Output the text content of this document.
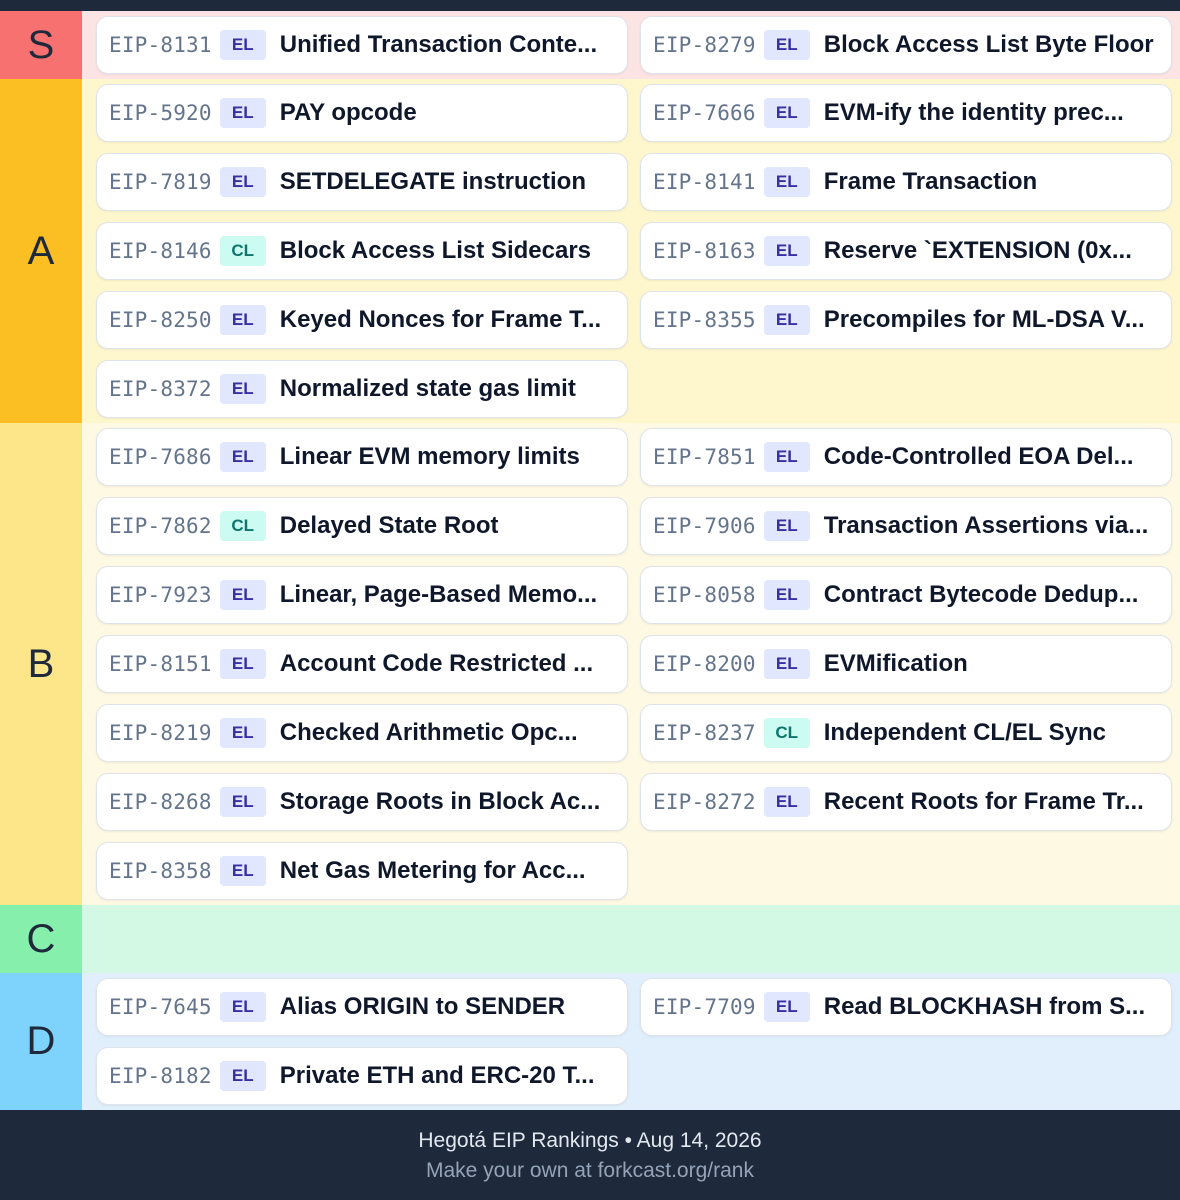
S	EIP-8131	EL	Unified Transaction Conte...	EIP-8279	EL	Block Access List Byte Floor
A
EIP-5920	EL	PAY opcode	EIP-7666	EL	EVM-ify the identity prec...
EIP-7819	EL	SETDELEGATE instruction	EIP-8141	EL	Frame Transaction
EIP-8146	CL	Block Access List Sidecars	EIP-8163	EL	Reserve `EXTENSION (0x...
EIP-8250	EL	Keyed Nonces for Frame T... EIP-8355	EL	Precompiles for ML-DSA V...
EIP-8372	EL	Normalized state gas limit
B
EIP-7686	EL	Linear EVM memory limits	EIP-7851	EL	Code-Controlled EOA Del...
EIP-7862	CL	Delayed State Root	EIP-7906	EL	Transaction Assertions via...
EIP-7923	EL	Linear, Page-Based Memo...	EIP-8058	EL	Contract Bytecode Dedup...
EIP-8151	EL	Account Code Restricted ...	EIP-8200	EL	EVMification
EIP-8219	EL	Checked Arithmetic Opc...	EIP-8237	CL	Independent CL/EL Sync
EIP-8268	EL	Storage Roots in Block Ac...	EIP-8272	EL	Recent Roots for Frame Tr...
EIP-8358	EL	Net Gas Metering for Acc...
C
D
EIP-7645	EL	Alias ORIGIN to SENDER	EIP-7709	EL	Read BLOCKHASH from S...
EIP-8182	EL	Private ETH and ERC-20 T...
Hegotá EIP Rankings • Aug 14, 2026
Make your own at forkcast.org/rank
